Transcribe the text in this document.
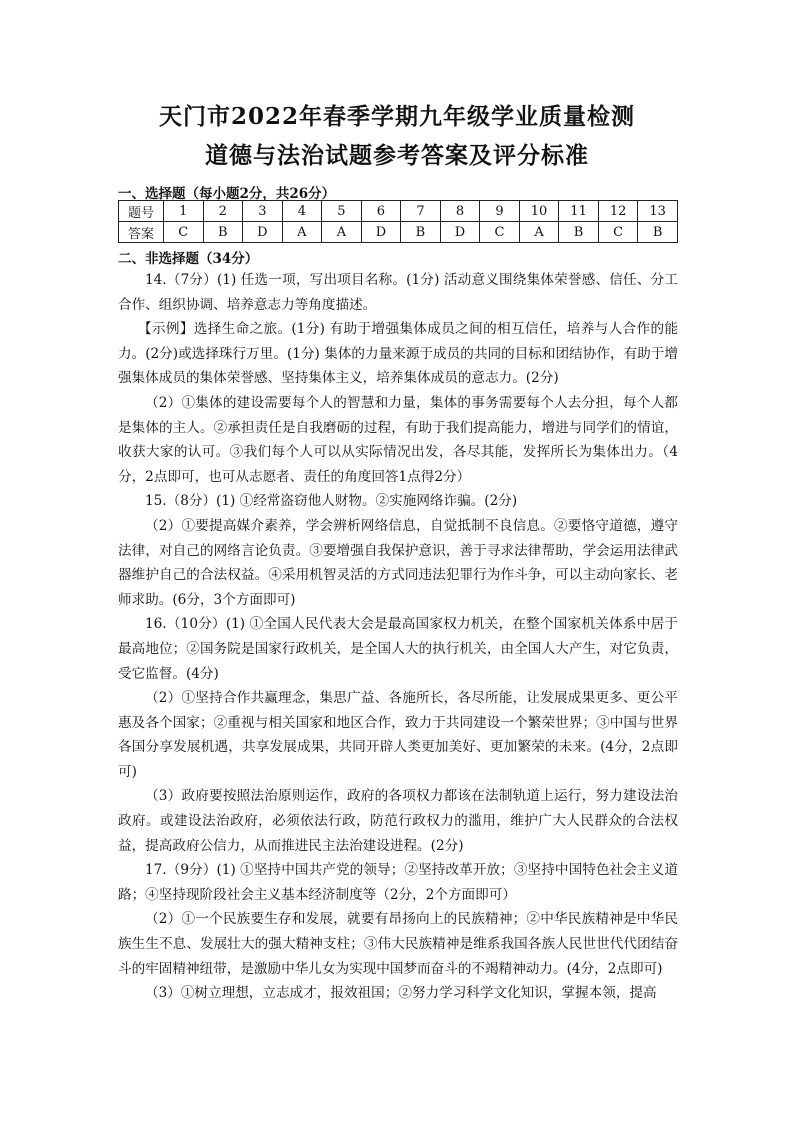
天门市2022年春季学期九年级学业质量检测
道德与法治试题参考答案及评分标准
一、选择题（每小题2分，共26分）
题号	1	2	3	4	5	6	7	8	9	10	11	12	13
答案	C	B	D	A	A	D	B	D	C	A	B	C	B
二、非选择题（34分）

14.（7分）(1) 任选一项，写出项目名称。(1分) 活动意义围绕集体荣誉感、信任、分工合作、组织协调、培养意志力等角度描述。

【示例】选择生命之旅。(1分) 有助于增强集体成员之间的相互信任，培养与人合作的能力。(2分)或选择珠行万里。(1分) 集体的力量来源于成员的共同的目标和团结协作，有助于增强集体成员的集体荣誉感、坚持集体主义，培养集体成员的意志力。(2分)

（2）①集体的建设需要每个人的智慧和力量，集体的事务需要每个人去分担，每个人都是集体的主人。②承担责任是自我磨砺的过程，有助于我们提高能力，增进与同学们的情谊，收获大家的认可。③我们每个人可以从实际情况出发，各尽其能，发挥所长为集体出力。（4分，2点即可，也可从志愿者、责任的角度回答1点得2分）

15.（8分）(1) ①经常盗窃他人财物。②实施网络诈骗。(2分)

（2）①要提高媒介素养，学会辨析网络信息，自觉抵制不良信息。②要恪守道德，遵守法律，对自己的网络言论负责。③要增强自我保护意识，善于寻求法律帮助，学会运用法律武器维护自己的合法权益。④采用机智灵活的方式同违法犯罪行为作斗争，可以主动向家长、老师求助。(6分，3个方面即可)

16.（10分）(1) ①全国人民代表大会是最高国家权力机关，在整个国家机关体系中居于最高地位；②国务院是国家行政机关，是全国人大的执行机关，由全国人大产生，对它负责，受它监督。(4分)

（2）①坚持合作共赢理念，集思广益、各施所长，各尽所能，让发展成果更多、更公平惠及各个国家；②重视与相关国家和地区合作，致力于共同建设一个繁荣世界；③中国与世界各国分享发展机遇，共享发展成果，共同开辟人类更加美好、更加繁荣的未来。(4分，2点即可)

（3）政府要按照法治原则运作，政府的各项权力都该在法制轨道上运行，努力建设法治政府。或建设法治政府，必须依法行政，防范行政权力的滥用，维护广大人民群众的合法权益，提高政府公信力，从而推进民主法治建设进程。(2分)

17.（9分）(1) ①坚持中国共产党的领导；②坚持改革开放；③坚持中国特色社会主义道路；④坚持现阶段社会主义基本经济制度等（2分，2个方面即可）

（2）①一个民族要生存和发展，就要有昂扬向上的民族精神；②中华民族精神是中华民族生生不息、发展壮大的强大精神支柱；③伟大民族精神是维系我国各族人民世世代代团结奋斗的牢固精神纽带，是激励中华儿女为实现中国梦而奋斗的不竭精神动力。(4分，2点即可)

（3）①树立理想，立志成才，报效祖国；②努力学习科学文化知识，掌握本领，提高
